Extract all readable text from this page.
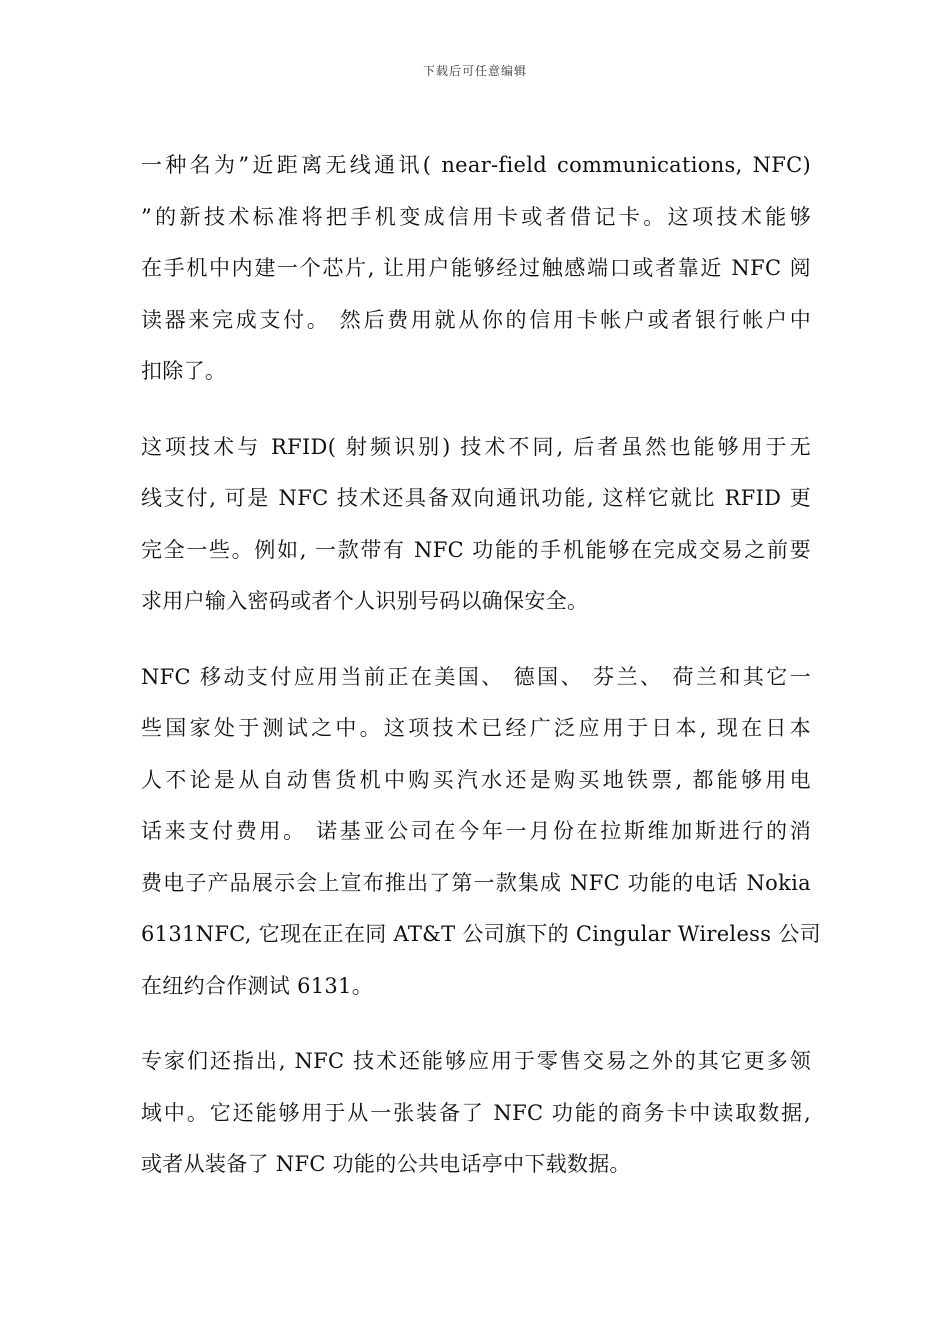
下载后可任意编辑
一种名为”近距离无线通讯( near-field communications, NFC)
”的新技术标准将把手机变成信用卡或者借记卡。这项技术能够
在手机中内建一个芯片, 让用户能够经过触感端口或者靠近 NFC 阅
读器来完成支付。 然后费用就从你的信用卡帐户或者银行帐户中
扣除了。
这项技术与 RFID( 射频识别) 技术不同, 后者虽然也能够用于无
线支付, 可是 NFC 技术还具备双向通讯功能, 这样它就比 RFID 更
完全一些。例如, 一款带有 NFC 功能的手机能够在完成交易之前要
求用户输入密码或者个人识别号码以确保安全。
NFC 移动支付应用当前正在美国、 德国、 芬兰、 荷兰和其它一
些国家处于测试之中。这项技术已经广泛应用于日本, 现在日本
人不论是从自动售货机中购买汽水还是购买地铁票, 都能够用电
话来支付费用。 诺基亚公司在今年一月份在拉斯维加斯进行的消
费电子产品展示会上宣布推出了第一款集成 NFC 功能的电话 Nokia
6131NFC, 它现在正在同 AT&T 公司旗下的 Cingular Wireless 公司
在纽约合作测试 6131。
专家们还指出, NFC 技术还能够应用于零售交易之外的其它更多领
域中。它还能够用于从一张装备了 NFC 功能的商务卡中读取数据,
或者从装备了 NFC 功能的公共电话亭中下载数据。
